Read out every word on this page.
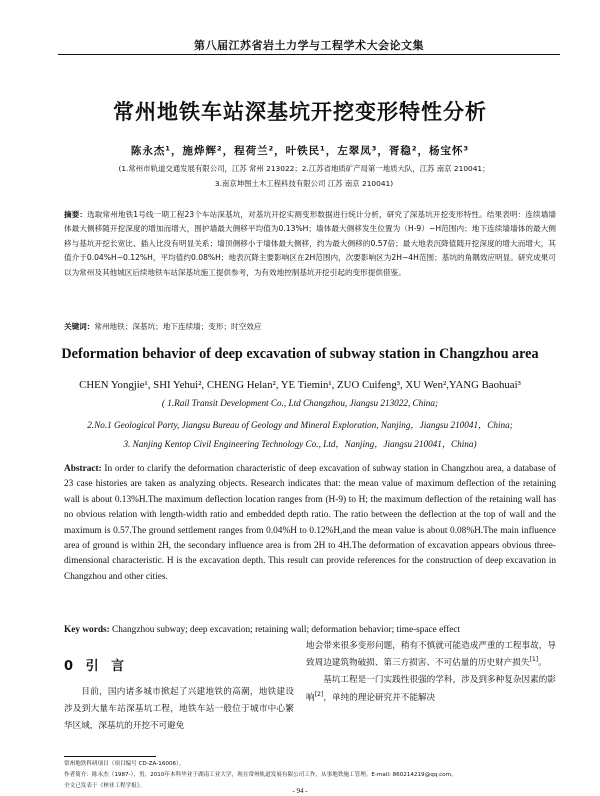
第八届江苏省岩土力学与工程学术大会论文集
常州地铁车站深基坑开挖变形特性分析
陈永杰¹，施烨辉²，程荷兰²，叶铁民¹，左翠凤³，胥稳²，杨宝怀³
(1.常州市轨道交通发展有限公司，江苏 常州 213022；2.江苏省地质矿产局第一地质大队，江苏 南京 210041；
3.南京坤图土木工程科技有限公司 江苏 南京 210041)
摘要：选取常州地铁1号线一期工程23个车站深基坑，对基坑开挖实测变形数据进行统计分析，研究了深基坑开挖变形特性。结果表明：连续墙墙体最大侧移随开挖深度的增加而增大，围护墙最大侧移平均值为0.13%H；墙体最大侧移发生位置为（H-9）~H范围内；地下连续墙墙体的最大侧移与基坑开挖长宽比、插入比没有明显关系；墙顶侧移小于墙体最大侧移，约为最大侧移的0.57倍；最大地表沉降值随开挖深度的增大而增大，其值介于0.04%H~0.12%H，平均值约0.08%H；地表沉降主要影响区在2H范围内，次要影响区为2H~4H范围；基坑的角隅效应明显。研究成果可以为常州及其他城区后续地铁车站深基坑施工提供参考，为有效地控制基坑开挖引起的变形提供借鉴。
关键词：常州地铁；深基坑；地下连续墙；变形；时空效应
Deformation behavior of deep excavation of subway station in Changzhou area
CHEN Yongjie¹, SHI Yehui², CHENG Helan², YE Tiemin¹, ZUO Cuifeng³, XU Wen²,YANG Baohuai³
( 1.Rail Transit Development Co., Ltd Changzhou, Jiangsu 213022, China;
2.No.1 Geological Party, Jiangsu Bureau of Geology and Mineral Exploration, Nanjing，Jiangsu 210041，China;
3. Nanjing Kentop Civil Engineering Technology Co., Ltd，Nanjing，Jiangsu 210041，China)
Abstract: In order to clarify the deformation characteristic of deep excavation of subway station in Changzhou area, a database of 23 case histories are taken as analyzing objects. Research indicates that: the mean value of maximum deflection of the retaining wall is about 0.13%H.The maximum deflection location ranges from (H-9) to H; the maximum deflection of the retaining wall has no obvious relation with length-width ratio and embedded depth ratio. The ratio between the deflection at the top of wall and the maximum is 0.57.The ground settlement ranges from 0.04%H to 0.12%H,and the mean value is about 0.08%H.The main influence area of ground is within 2H, the secondary influence area is from 2H to 4H.The deformation of excavation appears obvious three-dimensional characteristic. H is the excavation depth. This result can provide references for the construction of deep excavation in Changzhou and other cities.
Key words: Changzhou subway; deep excavation; retaining wall; deformation behavior; time-space effect
0 引 言
目前，国内诸多城市掀起了兴建地铁的高潮，地铁建设涉及到大量车站深基坑工程，地铁车站一般位于城市中心繁华区域，深基坑的开挖不可避免

地会带来很多变形问题，稍有不慎就可能造成严重的工程事故，导致周边建筑物破损、第三方损害、不可估量的历史财产损失[1]。

基坑工程是一门实践性很强的学科，涉及到多种复杂因素的影响[2]，单纯的理论研究并不能解决

常州地铁科研项目（项目编号 CD-ZA-16006）。
作者简介：陈永杰（1987-），男，2010年本科毕业于湖南工业大学，现在常州轨道发展有限公司工作，从事地铁施工管理。E-mail: 860214219@qq.com。
全文已发表于《林业工程学报》。
- 94 -
